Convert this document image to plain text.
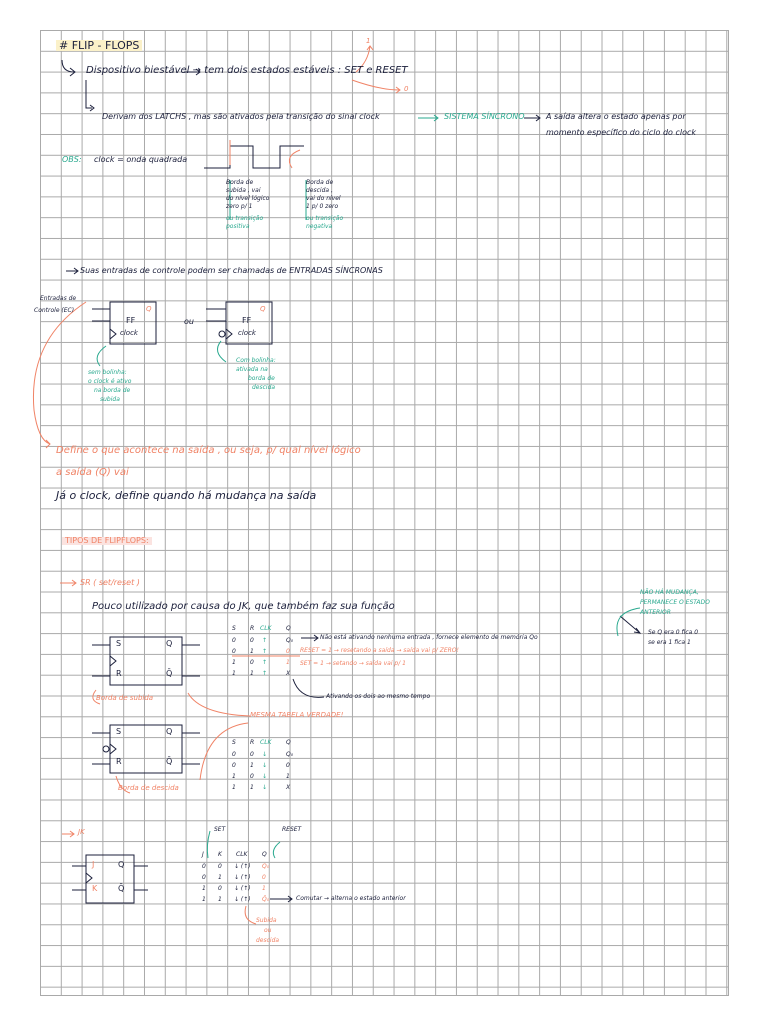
# FLIP - FLOPS
Dispositivo biestável → tem dois estados estáveis : SET e RESET
1
0
Derivam dos LATCHS , mas são ativados pela transição do sinal clock	SISTEMA SÍNCRONO	A saída altera o estado apenas por
momento específico do ciclo do clock
OBS: clock = onda quadrada
Borda de
subida , vai
do nível lógico
zero p/ 1
ou transição
positiva
Borda de
descida ,
vai do nível
1 p/ 0 zero
ou transição
negativa
Suas entradas de controle podem ser chamadas de ENTRADAS SÍNCRONAS
Entradas de
Controle (EC)
FF
clock
Q
ou	FF
clock
Q
sem bolinha:
o clock é ativo
na borda de
subida
Com bolinha:
ativada na
borda de
descida
Define o que acontece na saída , ou seja, p/ qual nível lógico
a saída (Q) vai
Já o clock, define quando há mudança na saída
TIPOS DE FLIPFLOPS:
SR ( set/reset )
Pouco utilizado por causa do JK, que também faz sua função
S
R
Q
Q̄
Borda de subida
S
R
Q
Q̄
Borda de descida
MESMA TABELA VERDADE!
S R CLK Q
0 0 ↑	Q₀
0 1 ↑	0
1 0 ↑	1
1 1 ↑	X
Não está ativando nenhuma entrada , fornece elemento de memória Qo
RESET = 1 → resetando a saída → saída vai p/ ZERO!
SET = 1 → setando → saída vai p/ 1
Ativando os dois ao mesmo tempo
NÃO HÁ MUDANÇA,
PERMANECE O ESTADO
ANTERIOR
Se Q era 0 fica 0
se era 1 fica 1
S R CLK Q
0 0 ↓	Q₀
0 1 ↓	0
1 0 ↓	1
1 1 ↓	X
JK	SET	RESET
J
K
Q
Q̄
J K CLK Q
0 0 ↓ (↑) Q₀
0 1 ↓ (↑) 0
1 0 ↓ (↑) 1
1 1 ↓ (↑) Q̄₀	Comutar → alterna o estado anterior
Subida
ou
descida
